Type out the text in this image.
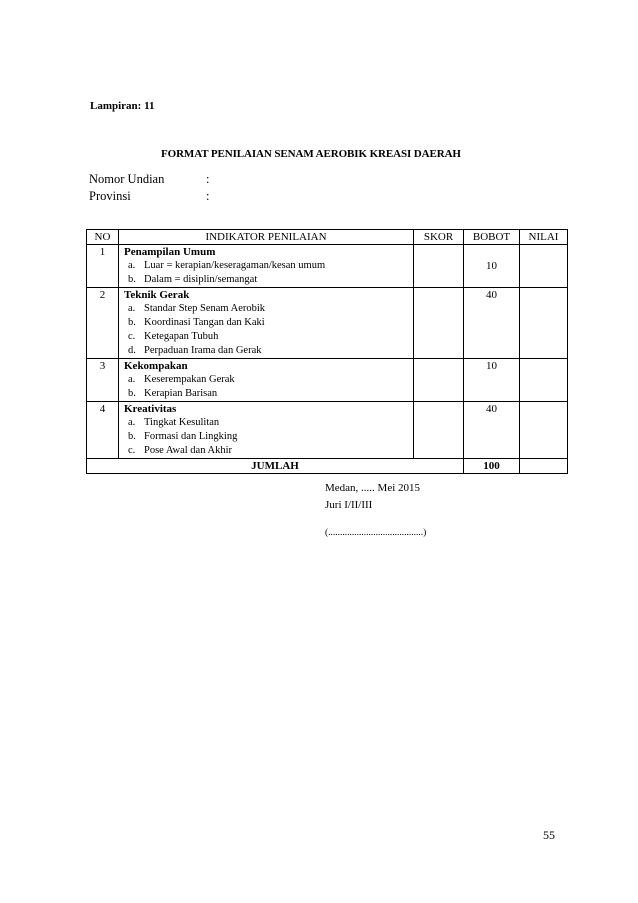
Lampiran: 11
FORMAT PENILAIAN SENAM AEROBIK KREASI DAERAH
Nomor Undian	:
Provinsi	:
NO	INDIKATOR PENILAIAN	SKOR	BOBOT	NILAI
1	Penampilan Umum
a. Luar = kerapian/keseragaman/kesan umum
b. Dalam = disiplin/semangat		10	
2	Teknik Gerak
a. Standar Step Senam Aerobik
b. Koordinasi Tangan dan Kaki
c. Ketegapan Tubuh
d. Perpaduan Irama dan Gerak		40	
3	Kekompakan
a. Keserempakan Gerak
b. Kerapian Barisan		10	
4	Kreativitas
a. Tingkat Kesulitan
b. Formasi dan Lingking
c. Pose Awal dan Akhir		40	
JUMLAH			100	
Medan, ..... Mei 2015
Juri I/II/III
(........................................)
55
